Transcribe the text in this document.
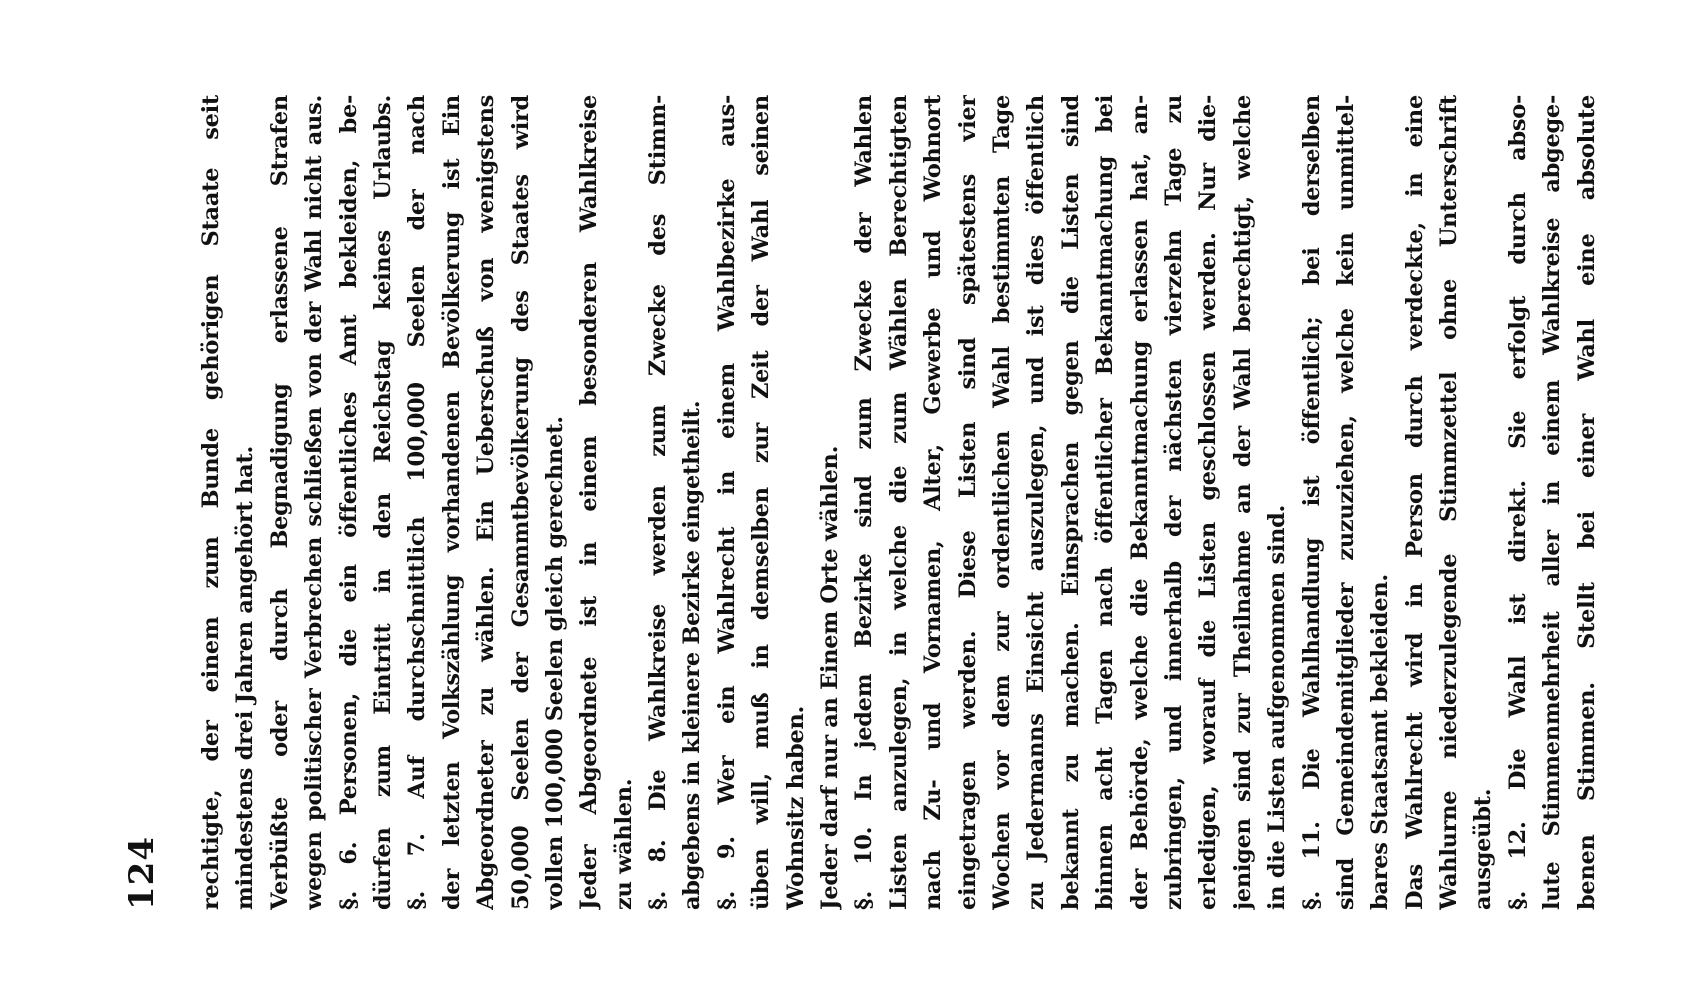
124 rechtigte, der einem zum Bunde gehörigen Staate seit mindestens drei Jahren angehört hat. Verbüßte oder durch Begnadigung erlassene Strafen wegen politischer Verbrechen schließen von der Wahl nicht aus. §. 6. Personen, die ein öffentliches Amt bekleiden, be- dürfen zum Eintritt in den Reichstag keines Urlaubs. §. 7. Auf durchschnittlich 100,000 Seelen der nach der letzten Volkszählung vorhandenen Bevölkerung ist Ein Abgeordneter zu wählen. Ein Ueberschuß von wenigstens 50,000 Seelen der Gesammtbevölkerung des Staates wird vollen 100,000 Seelen gleich gerechnet. Jeder Abgeordnete ist in einem besonderen Wahlkreise zu wählen. §. 8. Die Wahlkreise werden zum Zwecke des Stimm- abgebens in kleinere Bezirke eingetheilt. §. 9. Wer ein Wahlrecht in einem Wahlbezirke aus- üben will, muß in demselben zur Zeit der Wahl seinen Wohnsitz haben. Jeder darf nur an Einem Orte wählen. §. 10. In jedem Bezirke sind zum Zwecke der Wahlen Listen anzulegen, in welche die zum Wählen Berechtigten nach Zu- und Vornamen, Alter, Gewerbe und Wohnort eingetragen werden. Diese Listen sind spätestens vier Wochen vor dem zur ordentlichen Wahl bestimmten Tage zu Jedermanns Einsicht auszulegen, und ist dies öffentlich bekannt zu machen. Einsprachen gegen die Listen sind binnen acht Tagen nach öffentlicher Bekanntmachung bei der Behörde, welche die Bekanntmachung erlassen hat, an- zubringen, und innerhalb der nächsten vierzehn Tage zu erledigen, worauf die Listen geschlossen werden. Nur die- jenigen sind zur Theilnahme an der Wahl berechtigt, welche in die Listen aufgenommen sind. §. 11. Die Wahlhandlung ist öffentlich; bei derselben sind Gemeindemitglieder zuzuziehen, welche kein unmittel- bares Staatsamt bekleiden. Das Wahlrecht wird in Person durch verdeckte, in eine Wahlurne niederzulegende Stimmzettel ohne Unterschrift ausgeübt. §. 12. Die Wahl ist direkt. Sie erfolgt durch abso- lute Stimmenmehrheit aller in einem Wahlkreise abgege- benen Stimmen. Stellt bei einer Wahl eine absolute
